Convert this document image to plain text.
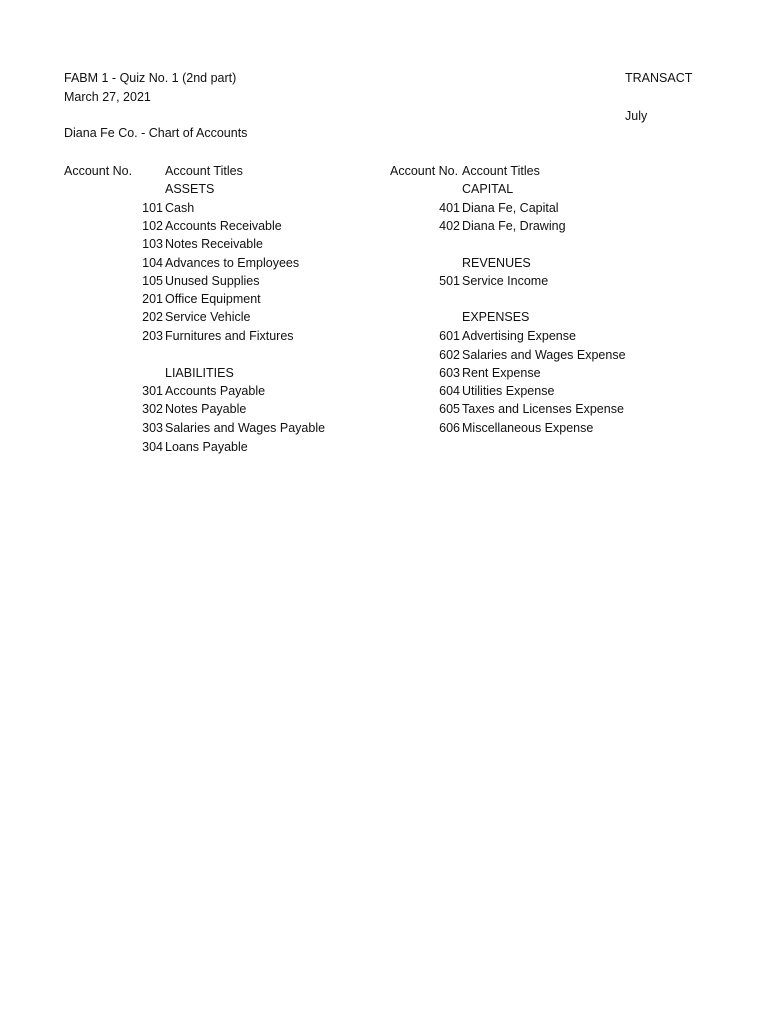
FABM 1 - Quiz No. 1 (2nd part)
March 27, 2021
Diana Fe Co. - Chart of Accounts
TRANSACT
July
Account No.	Account Titles	Account No. Account Titles
ASSETS
101 Cash
102 Accounts Receivable
103 Notes Receivable
104 Advances to Employees
105 Unused Supplies
201 Office Equipment
202 Service Vehicle
203 Furnitures and Fixtures
LIABILITIES
301 Accounts Payable
302 Notes Payable
303 Salaries and Wages Payable
304 Loans Payable
CAPITAL
401 Diana Fe, Capital
402 Diana Fe, Drawing
REVENUES
501 Service Income
EXPENSES
601 Advertising Expense
602 Salaries and Wages Expense
603 Rent Expense
604 Utilities Expense
605 Taxes and Licenses Expense
606 Miscellaneous Expense
